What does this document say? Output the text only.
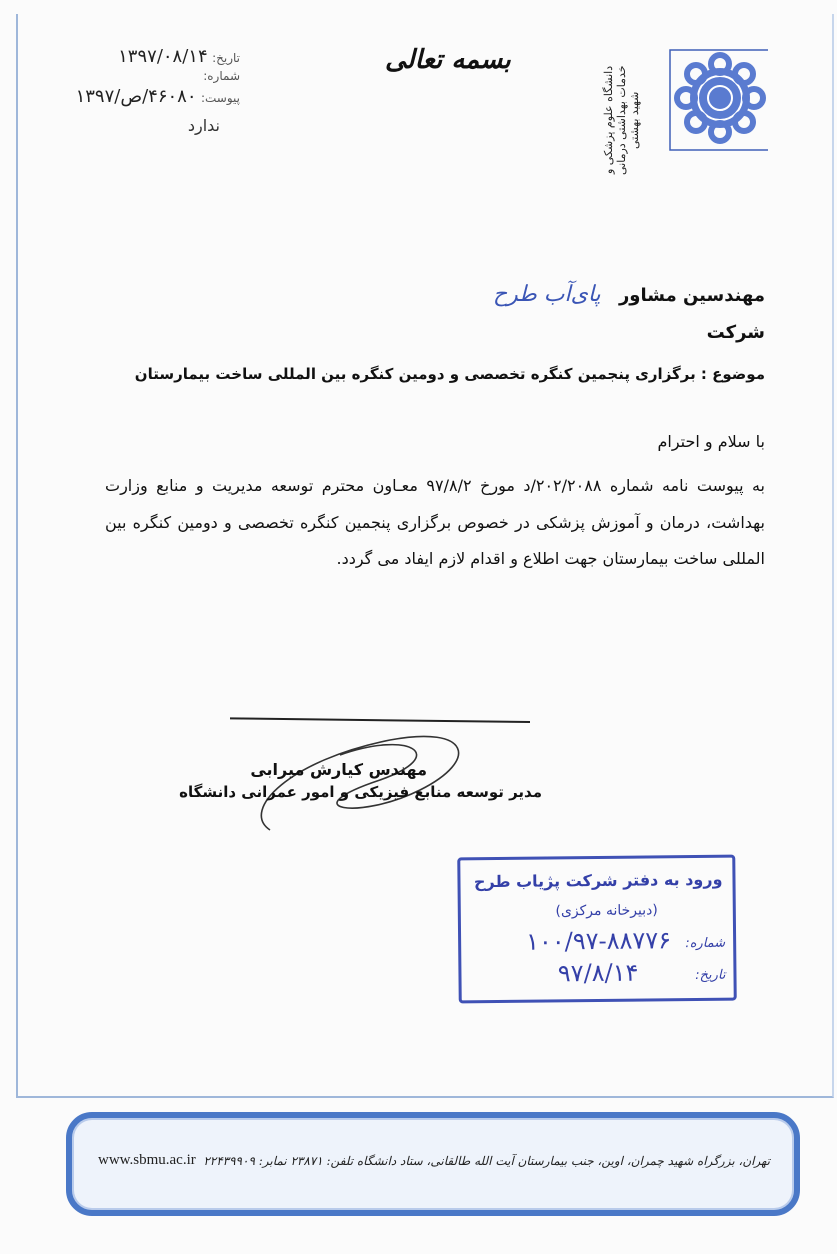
تاریخ: ۱۳۹۷/۰۸/۱۴
شماره:
پیوست: ۴۶۰۸۰/ص/۱۳۹۷
ندارد
بسمه تعالی
دانشگاه علوم پزشکی و خدمات بهداشتی درمانی شهید بهشتی
مهندسین مشاور پای‌آب طرح
شرکت
موضوع : برگزاری پنجمین کنگره تخصصی و دومین کنگره بین المللی ساخت بیمارستان
با سلام و احترام
به پیوست نامه شماره ۲۰۲/۲۰۸۸/د مورخ ۹۷/۸/۲ معـاون محترم توسعه مدیریت و منابع وزارت بهداشت، درمان و آموزش پزشکی در خصوص برگزاری پنجمین کنگره تخصصی و دومین کنگره بین المللی ساخت بیمارستان جهت اطلاع و اقدام لازم ایفاد می گردد.
مهندس کیارش میرابی
مدیر توسعه منابع فیزیکی و امور عمرانی دانشگاه
ورود به دفتر شرکت پژیاب طرح
(دبیرخانه مرکزی)
شماره:
۱۰۰/۹۷-۸۸۷۷۶
تاریخ:
۹۷/۸/۱۴
تهران، بزرگراه شهید چمران، اوین، جنب بیمارستان آیت الله طالقانی، ستاد دانشگاه تلفن: ۲۳۸۷۱ نمابر: ۲۲۴۳۹۹۰۹
www.sbmu.ac.ir
